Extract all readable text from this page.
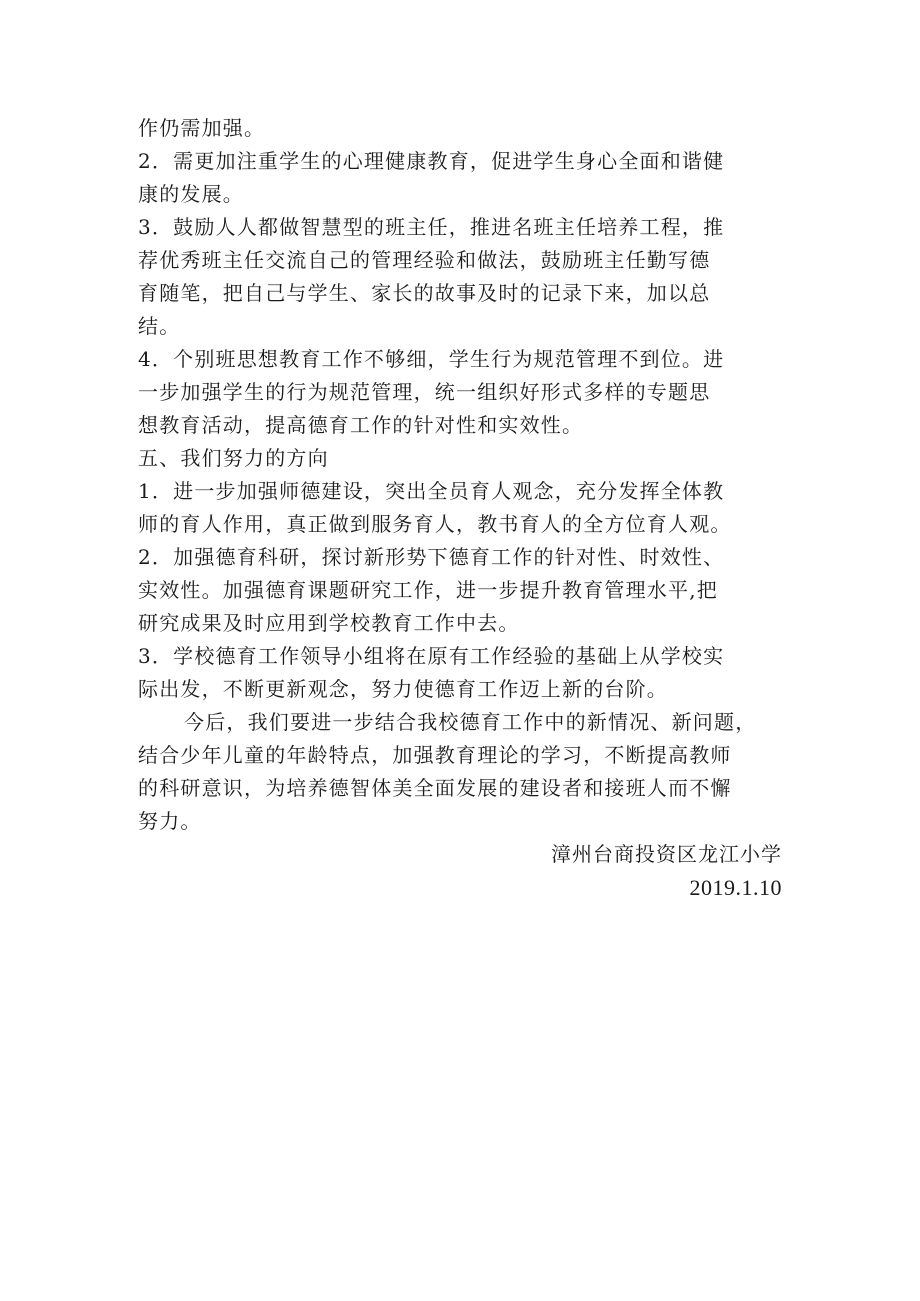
作仍需加强。
2．需更加注重学生的心理健康教育，促进学生身心全面和谐健
康的发展。
3．鼓励人人都做智慧型的班主任，推进名班主任培养工程，推
荐优秀班主任交流自己的管理经验和做法，鼓励班主任勤写德
育随笔，把自己与学生、家长的故事及时的记录下来，加以总
结。
4．个别班思想教育工作不够细，学生行为规范管理不到位。进
一步加强学生的行为规范管理，统一组织好形式多样的专题思
想教育活动，提高德育工作的针对性和实效性。
五、我们努力的方向
1．进一步加强师德建设，突出全员育人观念，充分发挥全体教
师的育人作用，真正做到服务育人，教书育人的全方位育人观。
2．加强德育科研，探讨新形势下德育工作的针对性、时效性、
实效性。加强德育课题研究工作，进一步提升教育管理水平,把
研究成果及时应用到学校教育工作中去。
3．学校德育工作领导小组将在原有工作经验的基础上从学校实
际出发，不断更新观念，努力使德育工作迈上新的台阶。
今后，我们要进一步结合我校德育工作中的新情况、新问题，
结合少年儿童的年龄特点，加强教育理论的学习，不断提高教师
的科研意识，为培养德智体美全面发展的建设者和接班人而不懈
努力。
漳州台商投资区龙江小学
2019.1.10
